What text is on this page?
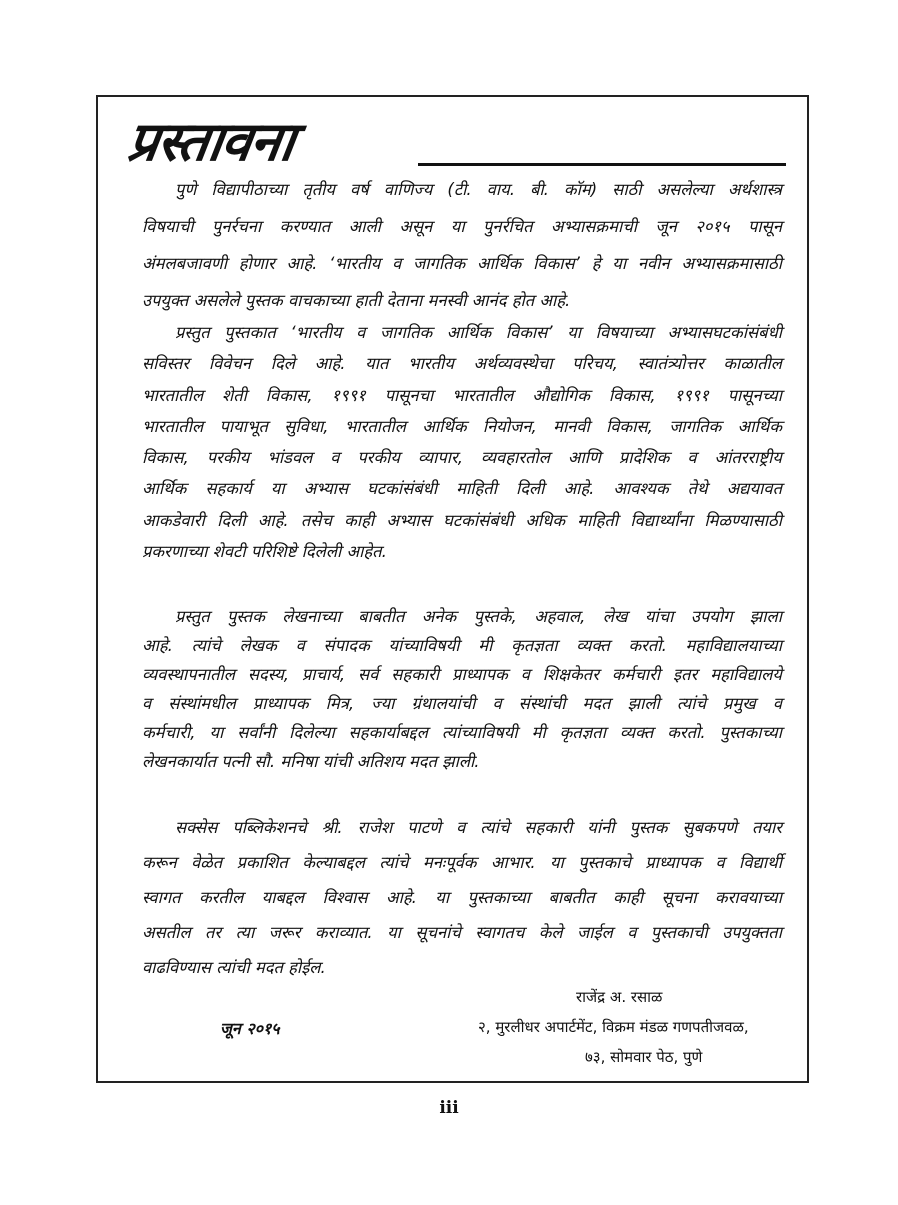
प्रस्तावना
पुणे विद्यापीठाच्या तृतीय वर्ष वाणिज्य (टी. वाय. बी. कॉम) साठी असलेल्या अर्थशास्त्र
विषयाची पुनर्रचना करण्यात आली असून या पुनर्रचित अभ्यासक्रमाची जून २०१५ पासून
अंमलबजावणी होणार आहे. ‘भारतीय व जागतिक आर्थिक विकास’ हे या नवीन अभ्यासक्रमासाठी
उपयुक्त असलेले पुस्तक वाचकाच्या हाती देताना मनस्वी आनंद होत आहे.
प्रस्तुत पुस्तकात ‘भारतीय व जागतिक आर्थिक विकास’ या विषयाच्या अभ्यासघटकांसंबंधी
सविस्तर विवेचन दिले आहे. यात भारतीय अर्थव्यवस्थेचा परिचय, स्वातंत्र्योत्तर काळातील
भारतातील शेती विकास, १९९१ पासूनचा भारतातील औद्योगिक विकास, १९९१ पासूनच्या
भारतातील पायाभूत सुविधा, भारतातील आर्थिक नियोजन, मानवी विकास, जागतिक आर्थिक
विकास, परकीय भांडवल व परकीय व्यापार, व्यवहारतोल आणि प्रादेशिक व आंतरराष्ट्रीय
आर्थिक सहकार्य या अभ्यास घटकांसंबंधी माहिती दिली आहे. आवश्यक तेथे अद्ययावत
आकडेवारी दिली आहे. तसेच काही अभ्यास घटकांसंबंधी अधिक माहिती विद्यार्थ्यांना मिळण्यासाठी
प्रकरणाच्या शेवटी परिशिष्टे दिलेली आहेत.
प्रस्तुत पुस्तक लेखनाच्या बाबतीत अनेक पुस्तके, अहवाल, लेख यांचा उपयोग झाला
आहे. त्यांचे लेखक व संपादक यांच्याविषयी मी कृतज्ञता व्यक्त करतो. महाविद्यालयाच्या
व्यवस्थापनातील सदस्य, प्राचार्य, सर्व सहकारी प्राध्यापक व शिक्षकेतर कर्मचारी इतर महाविद्यालये
व संस्थांमधील प्राध्यापक मित्र, ज्या ग्रंथालयांची व संस्थांची मदत झाली त्यांचे प्रमुख व
कर्मचारी, या सर्वांनी दिलेल्या सहकार्याबद्दल त्यांच्याविषयी मी कृतज्ञता व्यक्त करतो. पुस्तकाच्या
लेखनकार्यात पत्नी सौ. मनिषा यांची अतिशय मदत झाली.
सक्सेस पब्लिकेशनचे श्री. राजेश पाटणे व त्यांचे सहकारी यांनी पुस्तक सुबकपणे तयार
करून वेळेत प्रकाशित केल्याबद्दल त्यांचे मनःपूर्वक आभार. या पुस्तकाचे प्राध्यापक व विद्यार्थी
स्वागत करतील याबद्दल विश्वास आहे. या पुस्तकाच्या बाबतीत काही सूचना करावयाच्या
असतील तर त्या जरूर कराव्यात. या सूचनांचे स्वागतच केले जाईल व पुस्तकाची उपयुक्तता
वाढविण्यास त्यांची मदत होईल.
राजेंद्र अ. रसाळ
जून २०१५	२, मुरलीधर अपार्टमेंट, विक्रम मंडळ गणपतीजवळ,
७३, सोमवार पेठ, पुणे
iii
